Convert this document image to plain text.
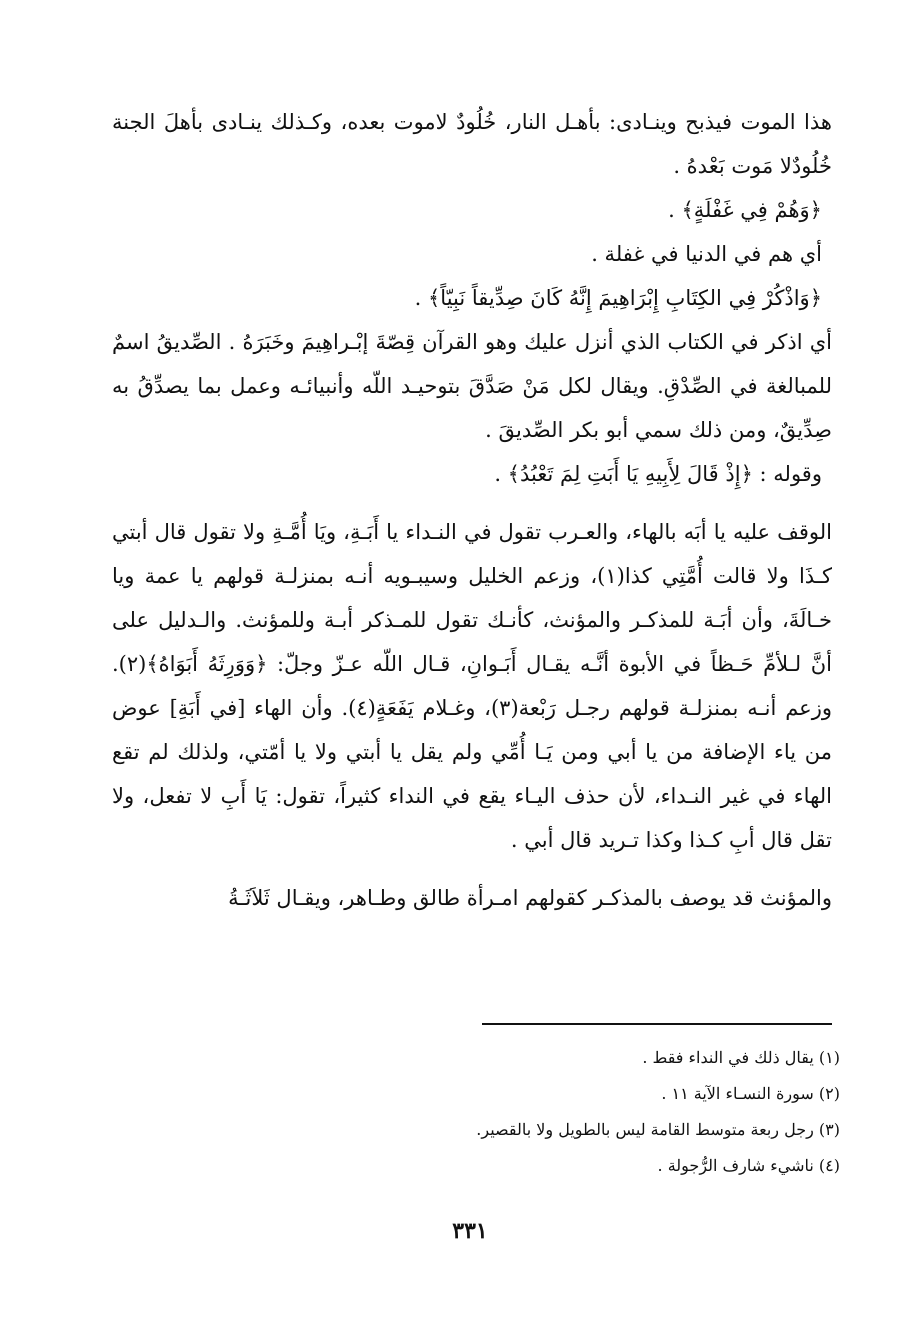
هذا الموت فيذبح وينـادى: بأهـل النار، خُلُودٌ لاموت بعده، وكـذلك ينـادى بأهلَ الجنة خُلُودٌلا مَوت بَعْدهُ .

﴿وَهُمْ فِي غَفْلَةٍ﴾ .

أي هم في الدنيا في غفلة .

﴿وَاذْكُرْ فِي الكِتَابِ إِبْرَاهِيمَ إِنَّهُ كَانَ صِدِّيقاً نَبِيّاً﴾ .

أي اذكر في الكتاب الذي أنزل عليك وهو القرآن قِصّةَ إبْـراهِيمَ وخَبَرَهُ . الصِّديقُ اسمٌ للمبالغة في الصِّدْقِ. ويقال لكل مَنْ صَدَّقَ بتوحيـد اللّه وأنبيائـه وعمل بما يصدِّقُ به صِدِّيقٌ، ومن ذلك سمي أبو بكر الصِّديقَ .

وقوله : ﴿إِذْ قَالَ لِأَبِيهِ يَا أَبَتِ لِمَ تَعْبُدُ﴾ .

الوقف عليه يا أبَه بالهاء، والعـرب تقول في النـداء يا أَبَـةِ، ويَا أُمَّـةِ ولا تقول قال أبتي كـذَا ولا قالت أُمَّتِي كذا(١)، وزعم الخليل وسيبـويه أنـه بمنزلـة قولهم يا عمة ويا خـالَةَ، وأن أبَـة للمذكـر والمؤنث، كأنـك تقول للمـذكر أبـة وللمؤنث. والـدليل على أنَّ لـلأمِّ حَـظاً في الأبوة أنَّـه يقـال أَبَـوانِ، قـال اللّه عـزّ وجلّ: ﴿وَوَرِثَهُ أَبَوَاهُ﴾(٢). وزعم أنـه بمنزلـة قولهم رجـل رَبْعة(٣)، وغـلام يَفَعَةٍ(٤). وأن الهاء [في أَبَةِ] عوض من ياء الإضافة من يا أبي ومن يَـا أُمِّي ولم يقل يا أبتي ولا يا أمّتي، ولذلك لم تقع الهاء في غير النـداء، لأن حذف اليـاء يقع في النداء كثيراً، تقول: يَا أَبِ لا تفعل، ولا تقل قال أبِ كـذا وكذا تـريد قال أبي .

والمؤنث قد يوصف بالمذكـر كقولهم امـرأة طالق وطـاهر، ويقـال ثَلاَثَـةُ

(١) يقال ذلك في النداء فقط .

(٢) سورة النسـاء الآية ١١ .

(٣) رجل ربعة متوسط القامة ليس بالطويل ولا بالقصير.

(٤) ناشيء شارف الرُّجولة .

٣٣١
